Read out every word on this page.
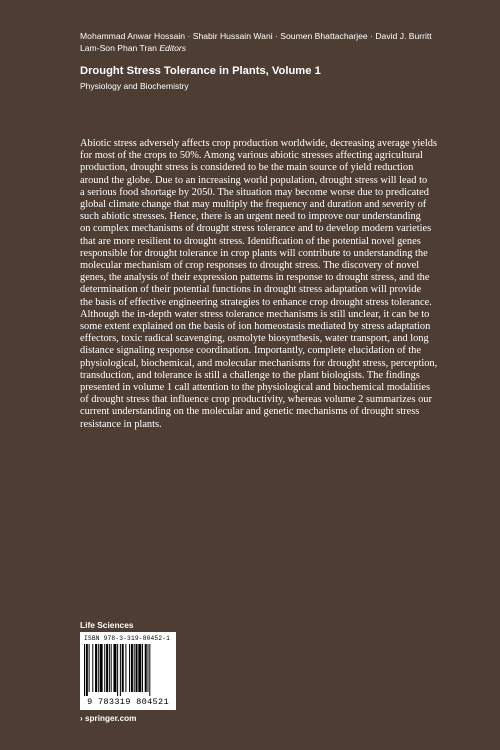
Mohammad Anwar Hossain · Shabir Hussain Wani · Soumen Bhattacharjee · David J. Burritt
Lam-Son Phan Tran Editors
Drought Stress Tolerance in Plants, Volume 1
Physiology and Biochemistry
Abiotic stress adversely affects crop production worldwide, decreasing average yields
for most of the crops to 50%. Among various abiotic stresses affecting agricultural
production, drought stress is considered to be the main source of yield reduction
around the globe. Due to an increasing world population, drought stress will lead to
a serious food shortage by 2050. The situation may become worse due to predicated
global climate change that may multiply the frequency and duration and severity of
such abiotic stresses. Hence, there is an urgent need to improve our understanding
on complex mechanisms of drought stress tolerance and to develop modern varieties
that are more resilient to drought stress. Identification of the potential novel genes
responsible for drought tolerance in crop plants will contribute to understanding the
molecular mechanism of crop responses to drought stress. The discovery of novel
genes, the analysis of their expression patterns in response to drought stress, and the
determination of their potential functions in drought stress adaptation will provide
the basis of effective engineering strategies to enhance crop drought stress tolerance.
Although the in-depth water stress tolerance mechanisms is still unclear, it can be to
some extent explained on the basis of ion homeostasis mediated by stress adaptation
effectors, toxic radical scavenging, osmolyte biosynthesis, water transport, and long
distance signaling response coordination. Importantly, complete elucidation of the
physiological, biochemical, and molecular mechanisms for drought stress, perception,
transduction, and tolerance is still a challenge to the plant biologists. The findings
presented in volume 1 call attention to the physiological and biochemical modalities
of drought stress that influence crop productivity, whereas volume 2 summarizes our
current understanding on the molecular and genetic mechanisms of drought stress
resistance in plants.
Life Sciences
ISBN 978-3-319-80452-1
9 783319 804521
› springer.com
